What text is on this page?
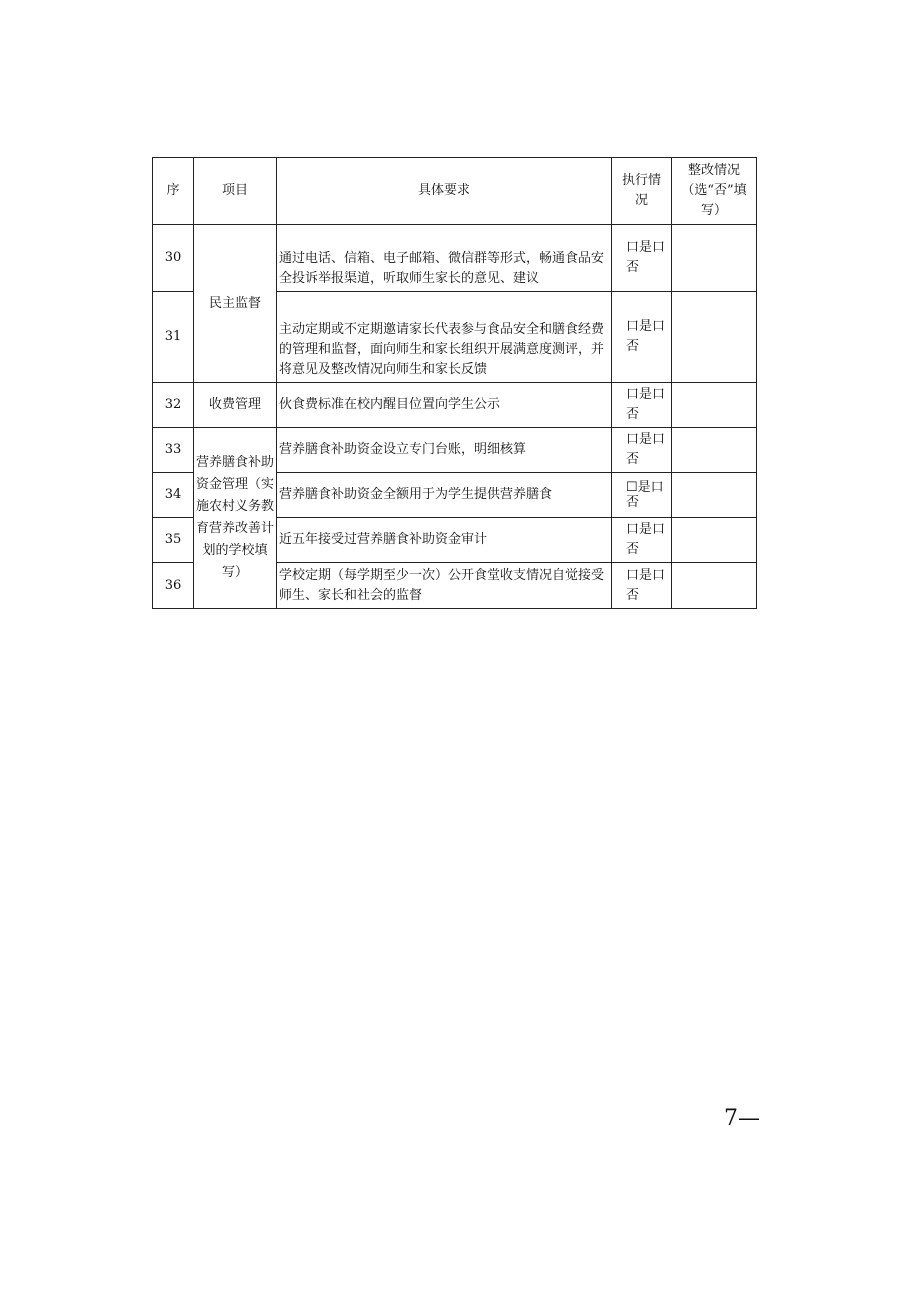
序	项目	具体要求	执行情况	整改情况（选“否”填写）
30	民主监督	通过电话、信箱、电子邮箱、微信群等形式，畅通食品安全投诉举报渠道，听取师生家长的意见、建议	口是口否	
31		主动定期或不定期邀请家长代表参与食品安全和膳食经费的管理和监督，面向师生和家长组织开展满意度测评，并将意见及整改情况向师生和家长反馈	口是口否	
32	收费管理	伙食费标准在校内醒目位置向学生公示	口是口否	
33	营养膳食补助资金管理（实施农村义务教育营养改善计划的学校填写）	营养膳食补助资金设立专门台账，明细核算	口是口否	
34		营养膳食补助资金全额用于为学生提供营养膳食	☐是口否	
35		近五年接受过营养膳食补助资金审计	口是口否	
36		学校定期（每学期至少一次）公开食堂收支情况自觉接受师生、家长和社会的监督	口是口否	
7—
